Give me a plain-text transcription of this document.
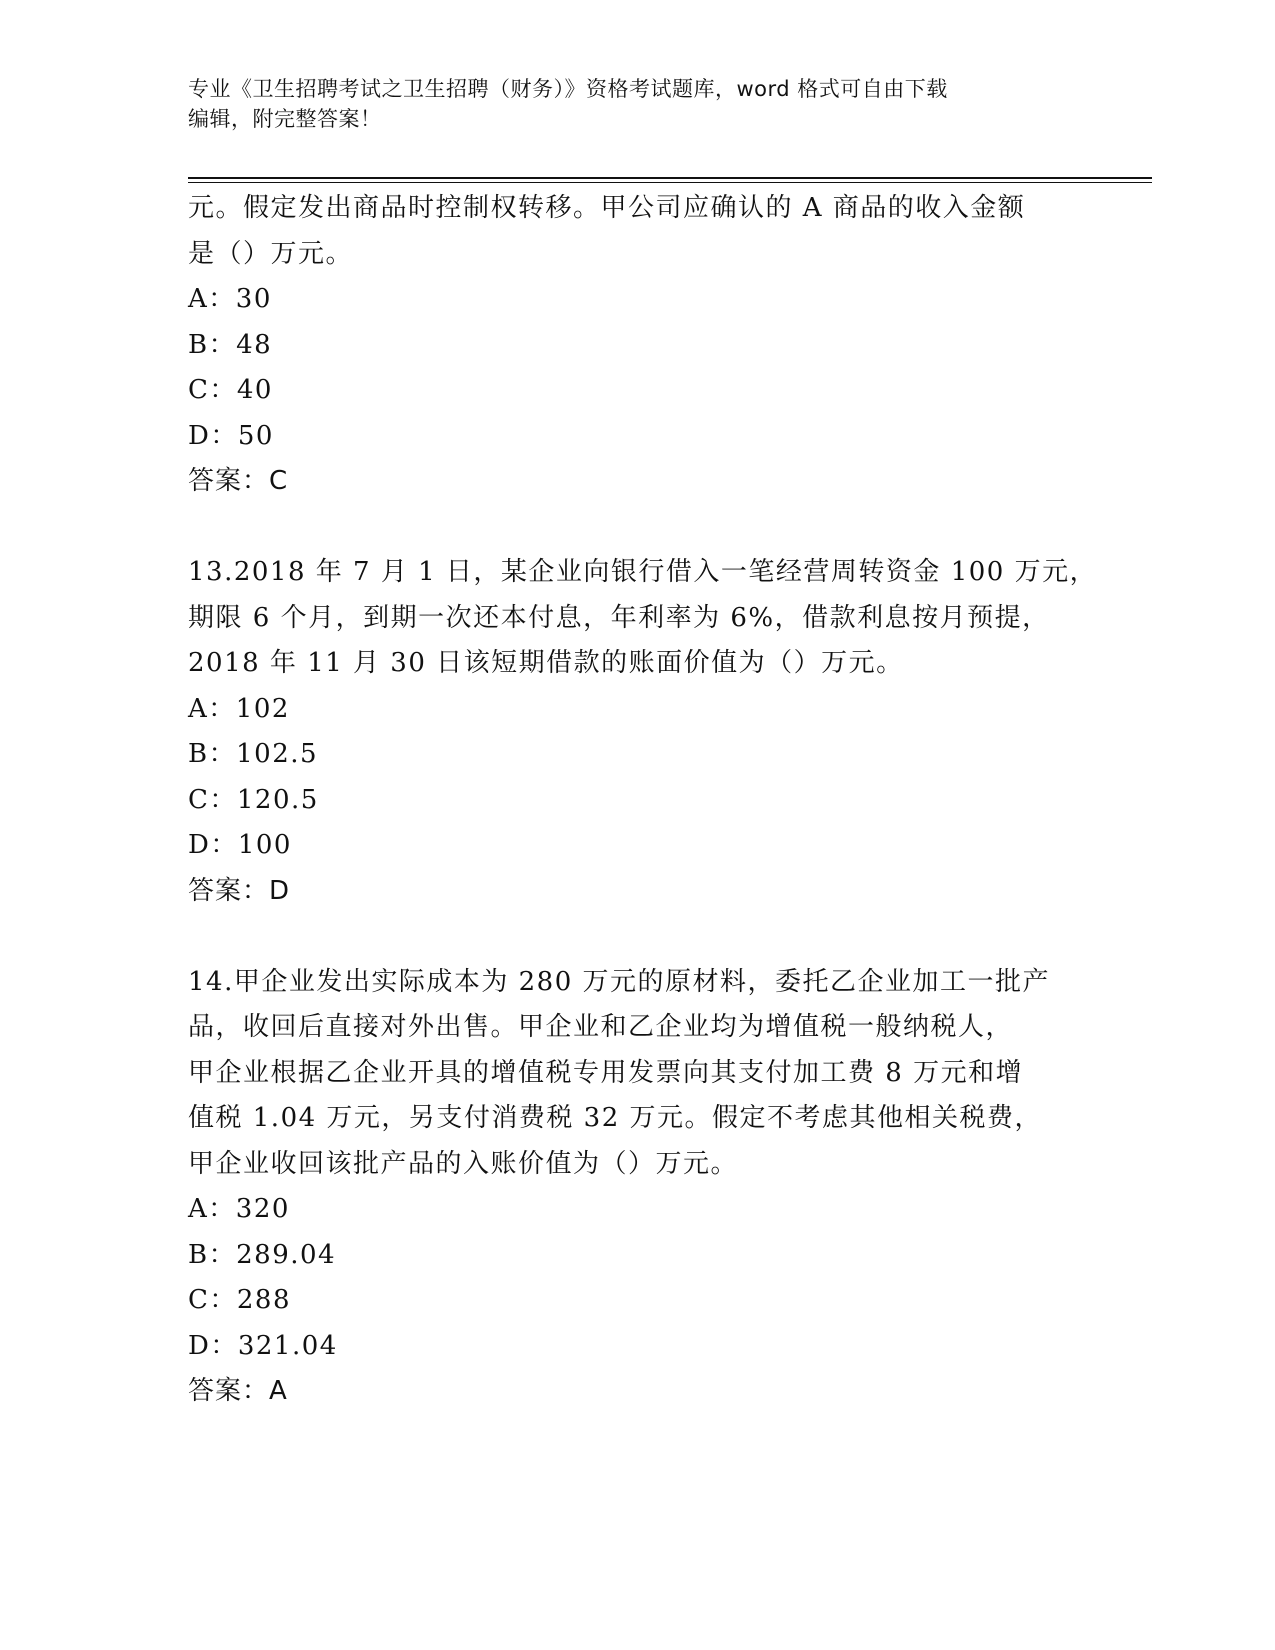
专业《卫生招聘考试之卫生招聘（财务）》资格考试题库，word 格式可自由下载
编辑，附完整答案！
元。假定发出商品时控制权转移。甲公司应确认的 A 商品的收入金额
是（）万元。
A：30
B：48
C：40
D：50
答案：C
13.2018 年 7 月 1 日，某企业向银行借入一笔经营周转资金 100 万元，
期限 6 个月，到期一次还本付息，年利率为 6%，借款利息按月预提，
2018 年 11 月 30 日该短期借款的账面价值为（）万元。
A：102
B：102.5
C：120.5
D：100
答案：D
14.甲企业发出实际成本为 280 万元的原材料，委托乙企业加工一批产
品，收回后直接对外出售。甲企业和乙企业均为增值税一般纳税人，
甲企业根据乙企业开具的增值税专用发票向其支付加工费 8 万元和增
值税 1.04 万元，另支付消费税 32 万元。假定不考虑其他相关税费，
甲企业收回该批产品的入账价值为（）万元。
A：320
B：289.04
C：288
D：321.04
答案：A
